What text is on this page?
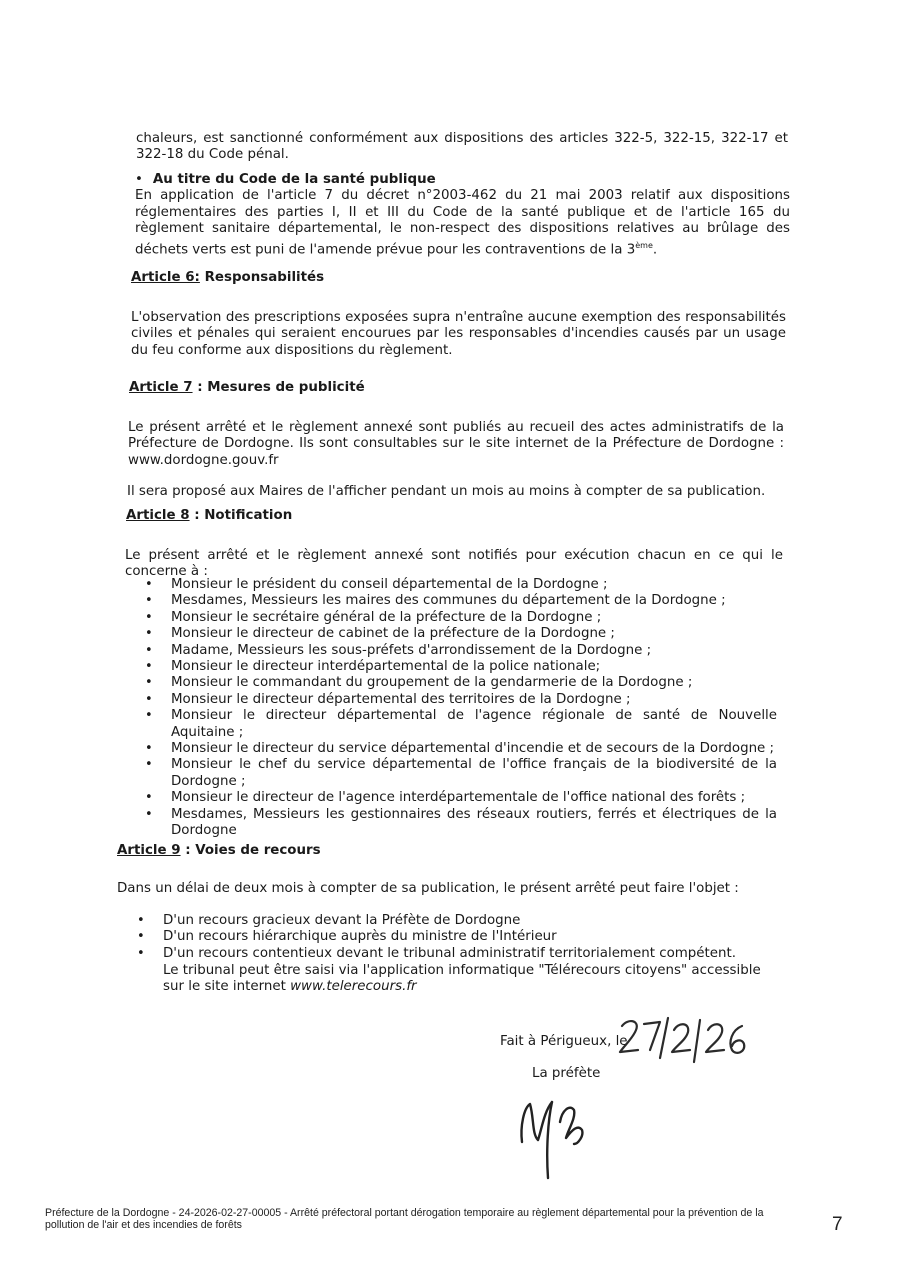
chaleurs, est sanctionné conformément aux dispositions des articles 322-5, 322-15, 322-17 et 322-18 du Code pénal.
• Au titre du Code de la santé publique
En application de l'article 7 du décret n°2003-462 du 21 mai 2003 relatif aux dispositions réglementaires des parties I, II et III du Code de la santé publique et de l'article 165 du règlement sanitaire départemental, le non-respect des dispositions relatives au brûlage des déchets verts est puni de l'amende prévue pour les contraventions de la 3ème.
Article 6: Responsabilités
L'observation des prescriptions exposées supra n'entraîne aucune exemption des responsabilités civiles et pénales qui seraient encourues par les responsables d'incendies causés par un usage du feu conforme aux dispositions du règlement.
Article 7 : Mesures de publicité
Le présent arrêté et le règlement annexé sont publiés au recueil des actes administratifs de la Préfecture de Dordogne. Ils sont consultables sur le site internet de la Préfecture de Dordogne : www.dordogne.gouv.fr
Il sera proposé aux Maires de l'afficher pendant un mois au moins à compter de sa publication.
Article 8 : Notification
Le présent arrêté et le règlement annexé sont notifiés pour exécution chacun en ce qui le concerne à :
• Monsieur le président du conseil départemental de la Dordogne ;
• Mesdames, Messieurs les maires des communes du département de la Dordogne ;
• Monsieur le secrétaire général de la préfecture de la Dordogne ;
• Monsieur le directeur de cabinet de la préfecture de la Dordogne ;
• Madame, Messieurs les sous-préfets d'arrondissement de la Dordogne ;
• Monsieur le directeur interdépartemental de la police nationale;
• Monsieur le commandant du groupement de la gendarmerie de la Dordogne ;
• Monsieur le directeur départemental des territoires de la Dordogne ;
• Monsieur le directeur départemental de l'agence régionale de santé de Nouvelle Aquitaine ;
• Monsieur le directeur du service départemental d'incendie et de secours de la Dordogne ;
• Monsieur le chef du service départemental de l'office français de la biodiversité de la Dordogne ;
• Monsieur le directeur de l'agence interdépartementale de l'office national des forêts ;
• Mesdames, Messieurs les gestionnaires des réseaux routiers, ferrés et électriques de la Dordogne
Article 9 : Voies de recours
Dans un délai de deux mois à compter de sa publication, le présent arrêté peut faire l'objet :
• D'un recours gracieux devant la Préfète de Dordogne
• D'un recours hiérarchique auprès du ministre de l'Intérieur
• D'un recours contentieux devant le tribunal administratif territorialement compétent.
Le tribunal peut être saisi via l'application informatique "Télérecours citoyens" accessible sur le site internet www.telerecours.fr
Fait à Périgueux, le
La préfète
Préfecture de la Dordogne - 24-2026-02-27-00005 - Arrêté préfectoral portant dérogation temporaire au règlement départemental pour la prévention de la pollution de l'air et des incendies de forêts	7
